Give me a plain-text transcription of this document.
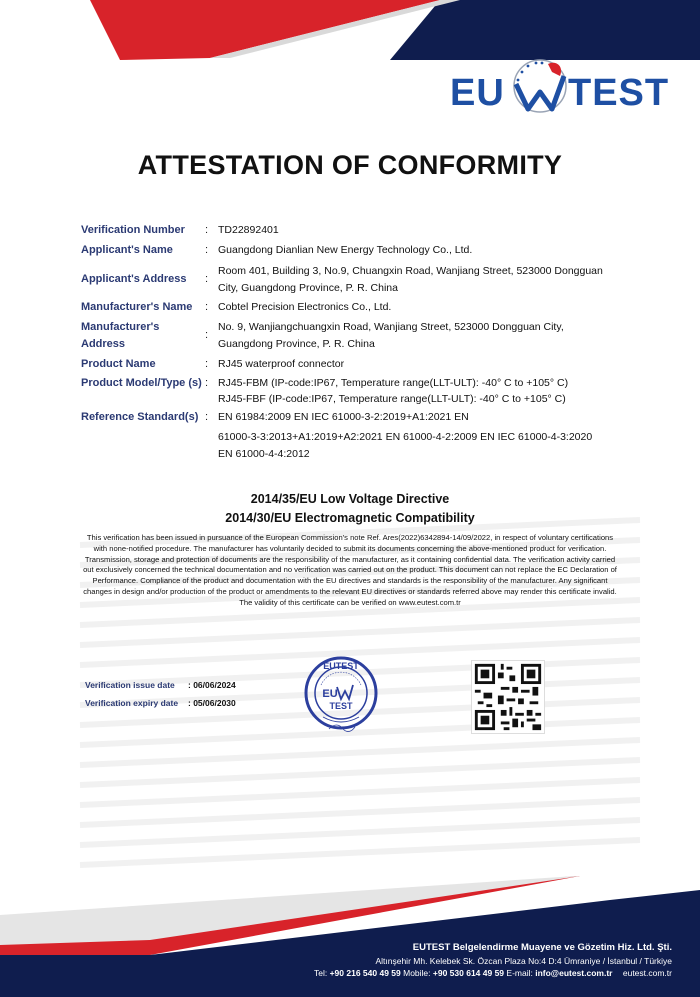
EU TEST
ATTESTATION OF CONFORMITY
Verification Number : TD22892401
Applicant's Name	: Guangdong Dianlian New Energy Technology Co., Ltd.
Applicant's Address :
Room 401, Building 3, No.9, Chuangxin Road, Wanjiang Street, 523000 Dongguan
City, Guangdong Province, P. R. China
Manufacturer's Name : Cobtel Precision Electronics Co., Ltd.
Manufacturer's
Address
:
No. 9, Wanjiangchuangxin Road, Wanjiang Street, 523000 Dongguan City,
Guangdong Province, P. R. China
Product Name	: RJ45 waterproof connector
Product Model/Type (s) : RJ45-FBM (IP-code:IP67, Temperature range(LLT-ULT): -40° C to +105° C)
RJ45-FBF (IP-code:IP67, Temperature range(LLT-ULT): -40° C to +105° C)
Reference Standard(s) : EN 61984:2009 EN IEC 61000-3-2:2019+A1:2021 EN
61000-3-3:2013+A1:2019+A2:2021 EN 61000-4-2:2009 EN IEC 61000-4-3:2020
EN 61000-4-4:2012
2014/35/EU Low Voltage Directive
2014/30/EU Electromagnetic Compatibility
This verification has been issued in pursuance of the European Commission's note Ref. Ares(2022)6342894-14/09/2022, in respect of voluntary certifications with none-notified procedure. The manufacturer has voluntarily decided to submit its documents concerning the above-mentioned product for verification. Transmission, storage and protection of documents are the responsibility of the manufacturer, as it containing confidential data. The verification activity carried out exclusively concerned the technical documentation and no verification was carried out on the product. This document can not replace the EC Declaration of Performance. Compliance of the product and documentation with the EU directives and standards is the responsibility of the manufacturer. Any significant changes in design and/or production of the product or amendments to the relevant EU directives or standards referred above may render this certificate invalid. The validity of this certificate can be verified on www.eutest.com.tr
Verification issue date : 06/06/2024
Verification expiry date : 05/06/2030
EUTEST
EU
TEST
EUTEST Belgelendirme Muayene ve Gözetim Hiz. Ltd. Şti.
Altınşehir Mh. Kelebek Sk. Özcan Plaza No:4 D:4 Ümraniye / İstanbul / Türkiye
Tel: +90 216 540 49 59 Mobile: +90 530 614 49 59 E-mail: info@eutest.com.tr eutest.com.tr
